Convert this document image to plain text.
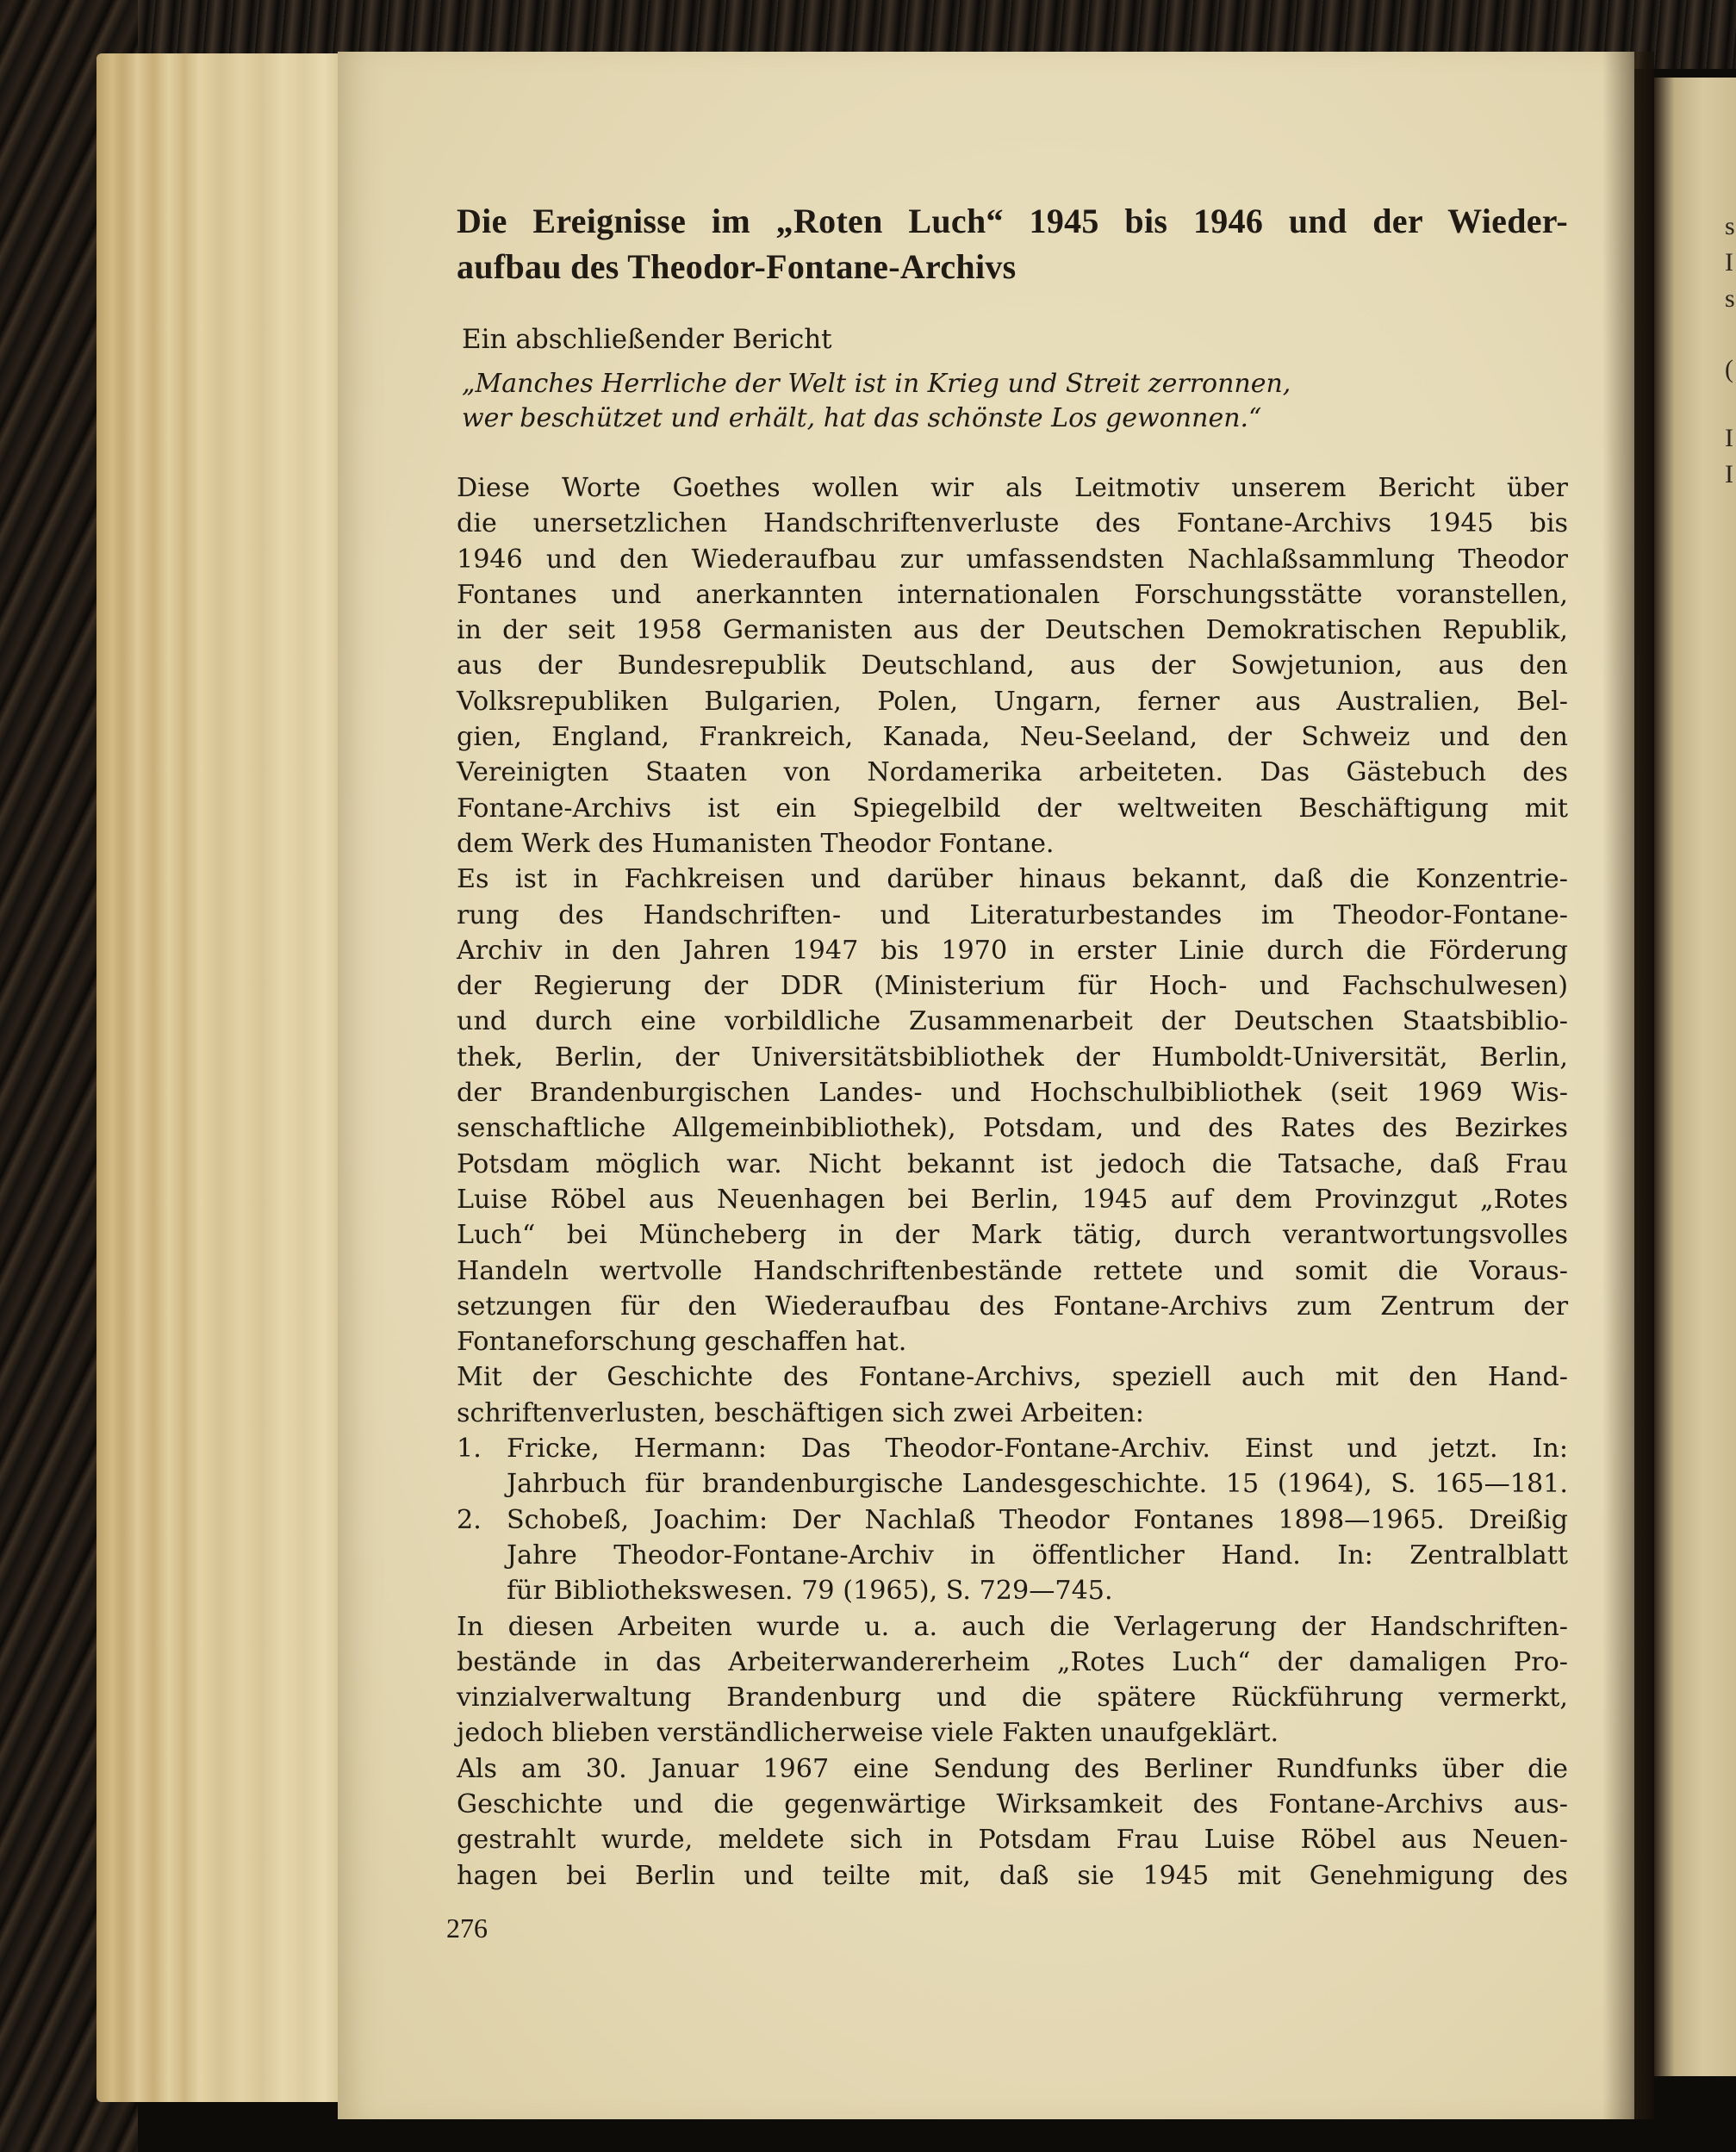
s
I
s
(
I
I
Die Ereignisse im „Roten Luch“ 1945 bis 1946 und der Wieder-
aufbau des Theodor-Fontane-Archivs
Ein abschließender Bericht
„Manches Herrliche der Welt ist in Krieg und Streit zerronnen,
wer beschützet und erhält, hat das schönste Los gewonnen.“
Diese Worte Goethes wollen wir als Leitmotiv unserem Bericht über
die unersetzlichen Handschriftenverluste des Fontane-Archivs 1945 bis
1946 und den Wiederaufbau zur umfassendsten Nachlaßsammlung Theodor
Fontanes und anerkannten internationalen Forschungsstätte voranstellen,
in der seit 1958 Germanisten aus der Deutschen Demokratischen Republik,
aus der Bundesrepublik Deutschland, aus der Sowjetunion, aus den
Volksrepubliken Bulgarien, Polen, Ungarn, ferner aus Australien, Bel-
gien, England, Frankreich, Kanada, Neu-Seeland, der Schweiz und den
Vereinigten Staaten von Nordamerika arbeiteten. Das Gästebuch des
Fontane-Archivs ist ein Spiegelbild der weltweiten Beschäftigung mit
dem Werk des Humanisten Theodor Fontane.
Es ist in Fachkreisen und darüber hinaus bekannt, daß die Konzentrie-
rung des Handschriften- und Literaturbestandes im Theodor-Fontane-
Archiv in den Jahren 1947 bis 1970 in erster Linie durch die Förderung
der Regierung der DDR (Ministerium für Hoch- und Fachschulwesen)
und durch eine vorbildliche Zusammenarbeit der Deutschen Staatsbiblio-
thek, Berlin, der Universitätsbibliothek der Humboldt-Universität, Berlin,
der Brandenburgischen Landes- und Hochschulbibliothek (seit 1969 Wis-
senschaftliche Allgemeinbibliothek), Potsdam, und des Rates des Bezirkes
Potsdam möglich war. Nicht bekannt ist jedoch die Tatsache, daß Frau
Luise Röbel aus Neuenhagen bei Berlin, 1945 auf dem Provinzgut „Rotes
Luch“ bei Müncheberg in der Mark tätig, durch verantwortungsvolles
Handeln wertvolle Handschriftenbestände rettete und somit die Voraus-
setzungen für den Wiederaufbau des Fontane-Archivs zum Zentrum der
Fontaneforschung geschaffen hat.
Mit der Geschichte des Fontane-Archivs, speziell auch mit den Hand-
schriftenverlusten, beschäftigen sich zwei Arbeiten:
1. Fricke, Hermann: Das Theodor-Fontane-Archiv. Einst und jetzt. In:
Jahrbuch für brandenburgische Landesgeschichte. 15 (1964), S. 165—181.
2. Schobeß, Joachim: Der Nachlaß Theodor Fontanes 1898—1965. Dreißig
Jahre Theodor-Fontane-Archiv in öffentlicher Hand. In: Zentralblatt
für Bibliothekswesen. 79 (1965), S. 729—745.
In diesen Arbeiten wurde u. a. auch die Verlagerung der Handschriften-
bestände in das Arbeiterwandererheim „Rotes Luch“ der damaligen Pro-
vinzialverwaltung Brandenburg und die spätere Rückführung vermerkt,
jedoch blieben verständlicherweise viele Fakten unaufgeklärt.
Als am 30. Januar 1967 eine Sendung des Berliner Rundfunks über die
Geschichte und die gegenwärtige Wirksamkeit des Fontane-Archivs aus-
gestrahlt wurde, meldete sich in Potsdam Frau Luise Röbel aus Neuen-
hagen bei Berlin und teilte mit, daß sie 1945 mit Genehmigung des
276
